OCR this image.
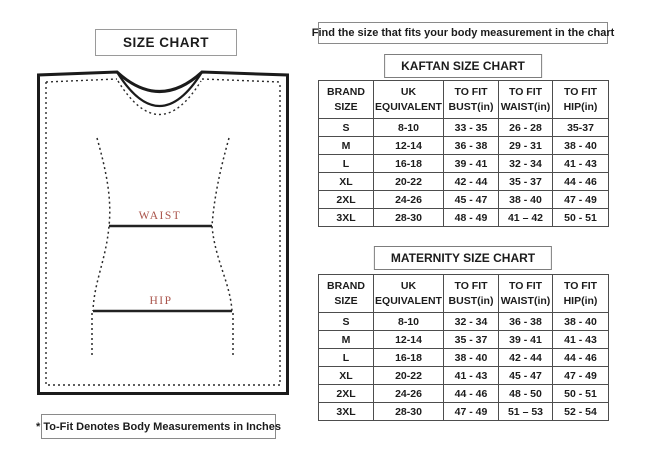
SIZE CHART
WAIST
HIP
* To-Fit Denotes Body Measurements in Inches
Find the size that fits your body measurement in the chart
KAFTAN SIZE CHART
BRAND SIZE	UK EQUIVALENT	TO FIT BUST(in)	TO FIT WAIST(in)	TO FIT HIP(in)
S	8-10	33 - 35	26 - 28	35-37
M	12-14	36 - 38	29 - 31	38 - 40
L	16-18	39 - 41	32 - 34	41 - 43
XL	20-22	42 - 44	35 - 37	44 - 46
2XL	24-26	45 - 47	38 - 40	47 - 49
3XL	28-30	48 - 49	41 – 42	50 - 51
MATERNITY SIZE CHART
BRAND SIZE	UK EQUIVALENT	TO FIT BUST(in)	TO FIT WAIST(in)	TO FIT HIP(in)
S	8-10	32 - 34	36 - 38	38 - 40
M	12-14	35 - 37	39 - 41	41 - 43
L	16-18	38 - 40	42 - 44	44 - 46
XL	20-22	41 - 43	45 - 47	47 - 49
2XL	24-26	44 - 46	48 - 50	50 - 51
3XL	28-30	47 - 49	51 – 53	52 - 54
